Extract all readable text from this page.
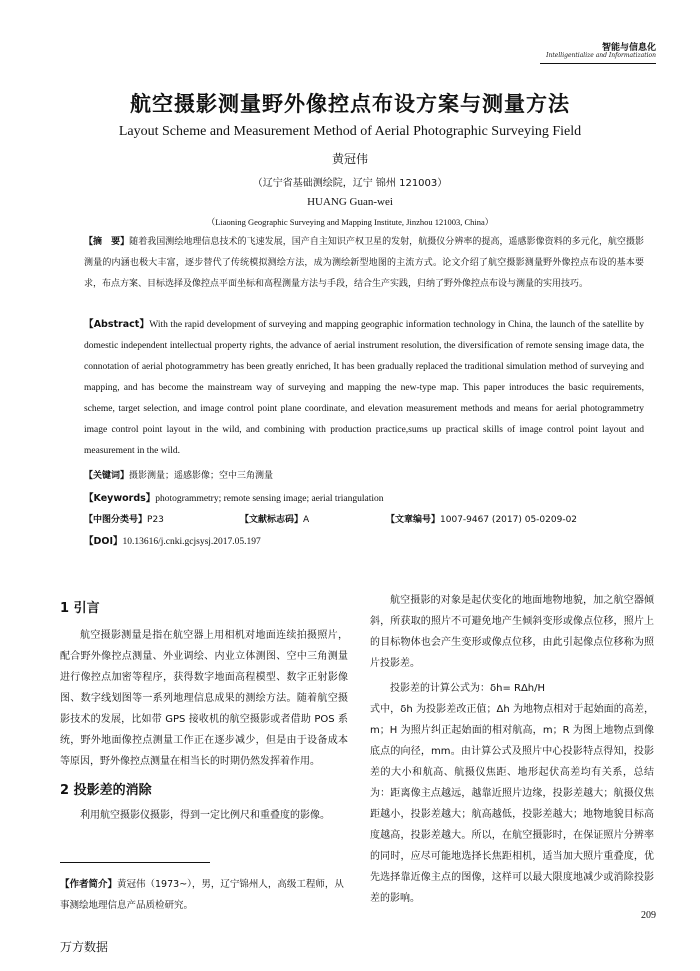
智能与信息化
Intelligentialize and Informatization
航空摄影测量野外像控点布设方案与测量方法
Layout Scheme and Measurement Method of Aerial Photographic Surveying Field
黄冠伟
（辽宁省基础测绘院，辽宁 锦州 121003）
HUANG Guan-wei
（Liaoning Geographic Surveying and Mapping Institute, Jinzhou 121003, China）
【摘　要】随着我国测绘地理信息技术的飞速发展，国产自主知识产权卫星的发射，航摄仪分辨率的提高，遥感影像资料的多元化，航空摄影测量的内涵也极大丰富，逐步替代了传统模拟测绘方法，成为测绘新型地图的主流方式。论文介绍了航空摄影测量野外像控点布设的基本要求，布点方案、目标选择及像控点平面坐标和高程测量方法与手段，结合生产实践，归纳了野外像控点布设与测量的实用技巧。
【Abstract】With the rapid development of surveying and mapping geographic information technology in China, the launch of the satellite by domestic independent intellectual property rights, the advance of aerial instrument resolution, the diversification of remote sensing image data, the connotation of aerial photogrammetry has been greatly enriched, It has been gradually replaced the traditional simulation method of surveying and mapping, and has become the mainstream way of surveying and mapping the new-type map. This paper introduces the basic requirements, scheme, target selection, and image control point plane coordinate, and elevation measurement methods and means for aerial photogrammetry image control point layout in the wild, and combining with production practice,sums up practical skills of image control point layout and measurement in the wild.
【关键词】摄影测量；遥感影像；空中三角测量
【Keywords】photogrammetry; remote sensing image; aerial triangulation
【中图分类号】P23	【文献标志码】A	【文章编号】1007-9467 (2017) 05-0209-02
【DOI】10.13616/j.cnki.gcjsysj.2017.05.197
1 引言

航空摄影测量是指在航空器上用相机对地面连续拍摄照片，配合野外像控点测量、外业调绘、内业立体测图、空中三角测量进行像控点加密等程序，获得数字地面高程模型、数字正射影像图、数字线划图等一系列地理信息成果的测绘方法。随着航空摄影技术的发展，比如带 GPS 接收机的航空摄影或者借助 POS 系统，野外地面像控点测量工作正在逐步减少，但是由于设备成本等原因，野外像控点测量在相当长的时期仍然发挥着作用。

2 投影差的消除

利用航空摄影仪摄影，得到一定比例尺和重叠度的影像。

航空摄影的对象是起伏变化的地面地物地貌，加之航空器倾斜，所获取的照片不可避免地产生倾斜变形或像点位移，照片上的目标物体也会产生变形或像点位移，由此引起像点位移称为照片投影差。

投影差的计算公式为：δh= RΔh/H

式中，δh 为投影差改正值；Δh 为地物点相对于起始面的高差，m；H 为照片纠正起始面的相对航高，m；R 为图上地物点到像底点的向径，mm。由计算公式及照片中心投影特点得知，投影差的大小和航高、航摄仪焦距、地形起伏高差均有关系，总结为：距离像主点越远，越靠近照片边缘，投影差越大；航摄仪焦距越小，投影差越大；航高越低，投影差越大；地物地貌目标高度越高，投影差越大。所以，在航空摄影时，在保证照片分辨率的同时，应尽可能地选择长焦距相机，适当加大照片重叠度，优先选择靠近像主点的图像，这样可以最大限度地减少或消除投影差的影响。

【作者简介】黄冠伟（1973~），男，辽宁锦州人，高级工程师，从事测绘地理信息产品质检研究。
209
万方数据
